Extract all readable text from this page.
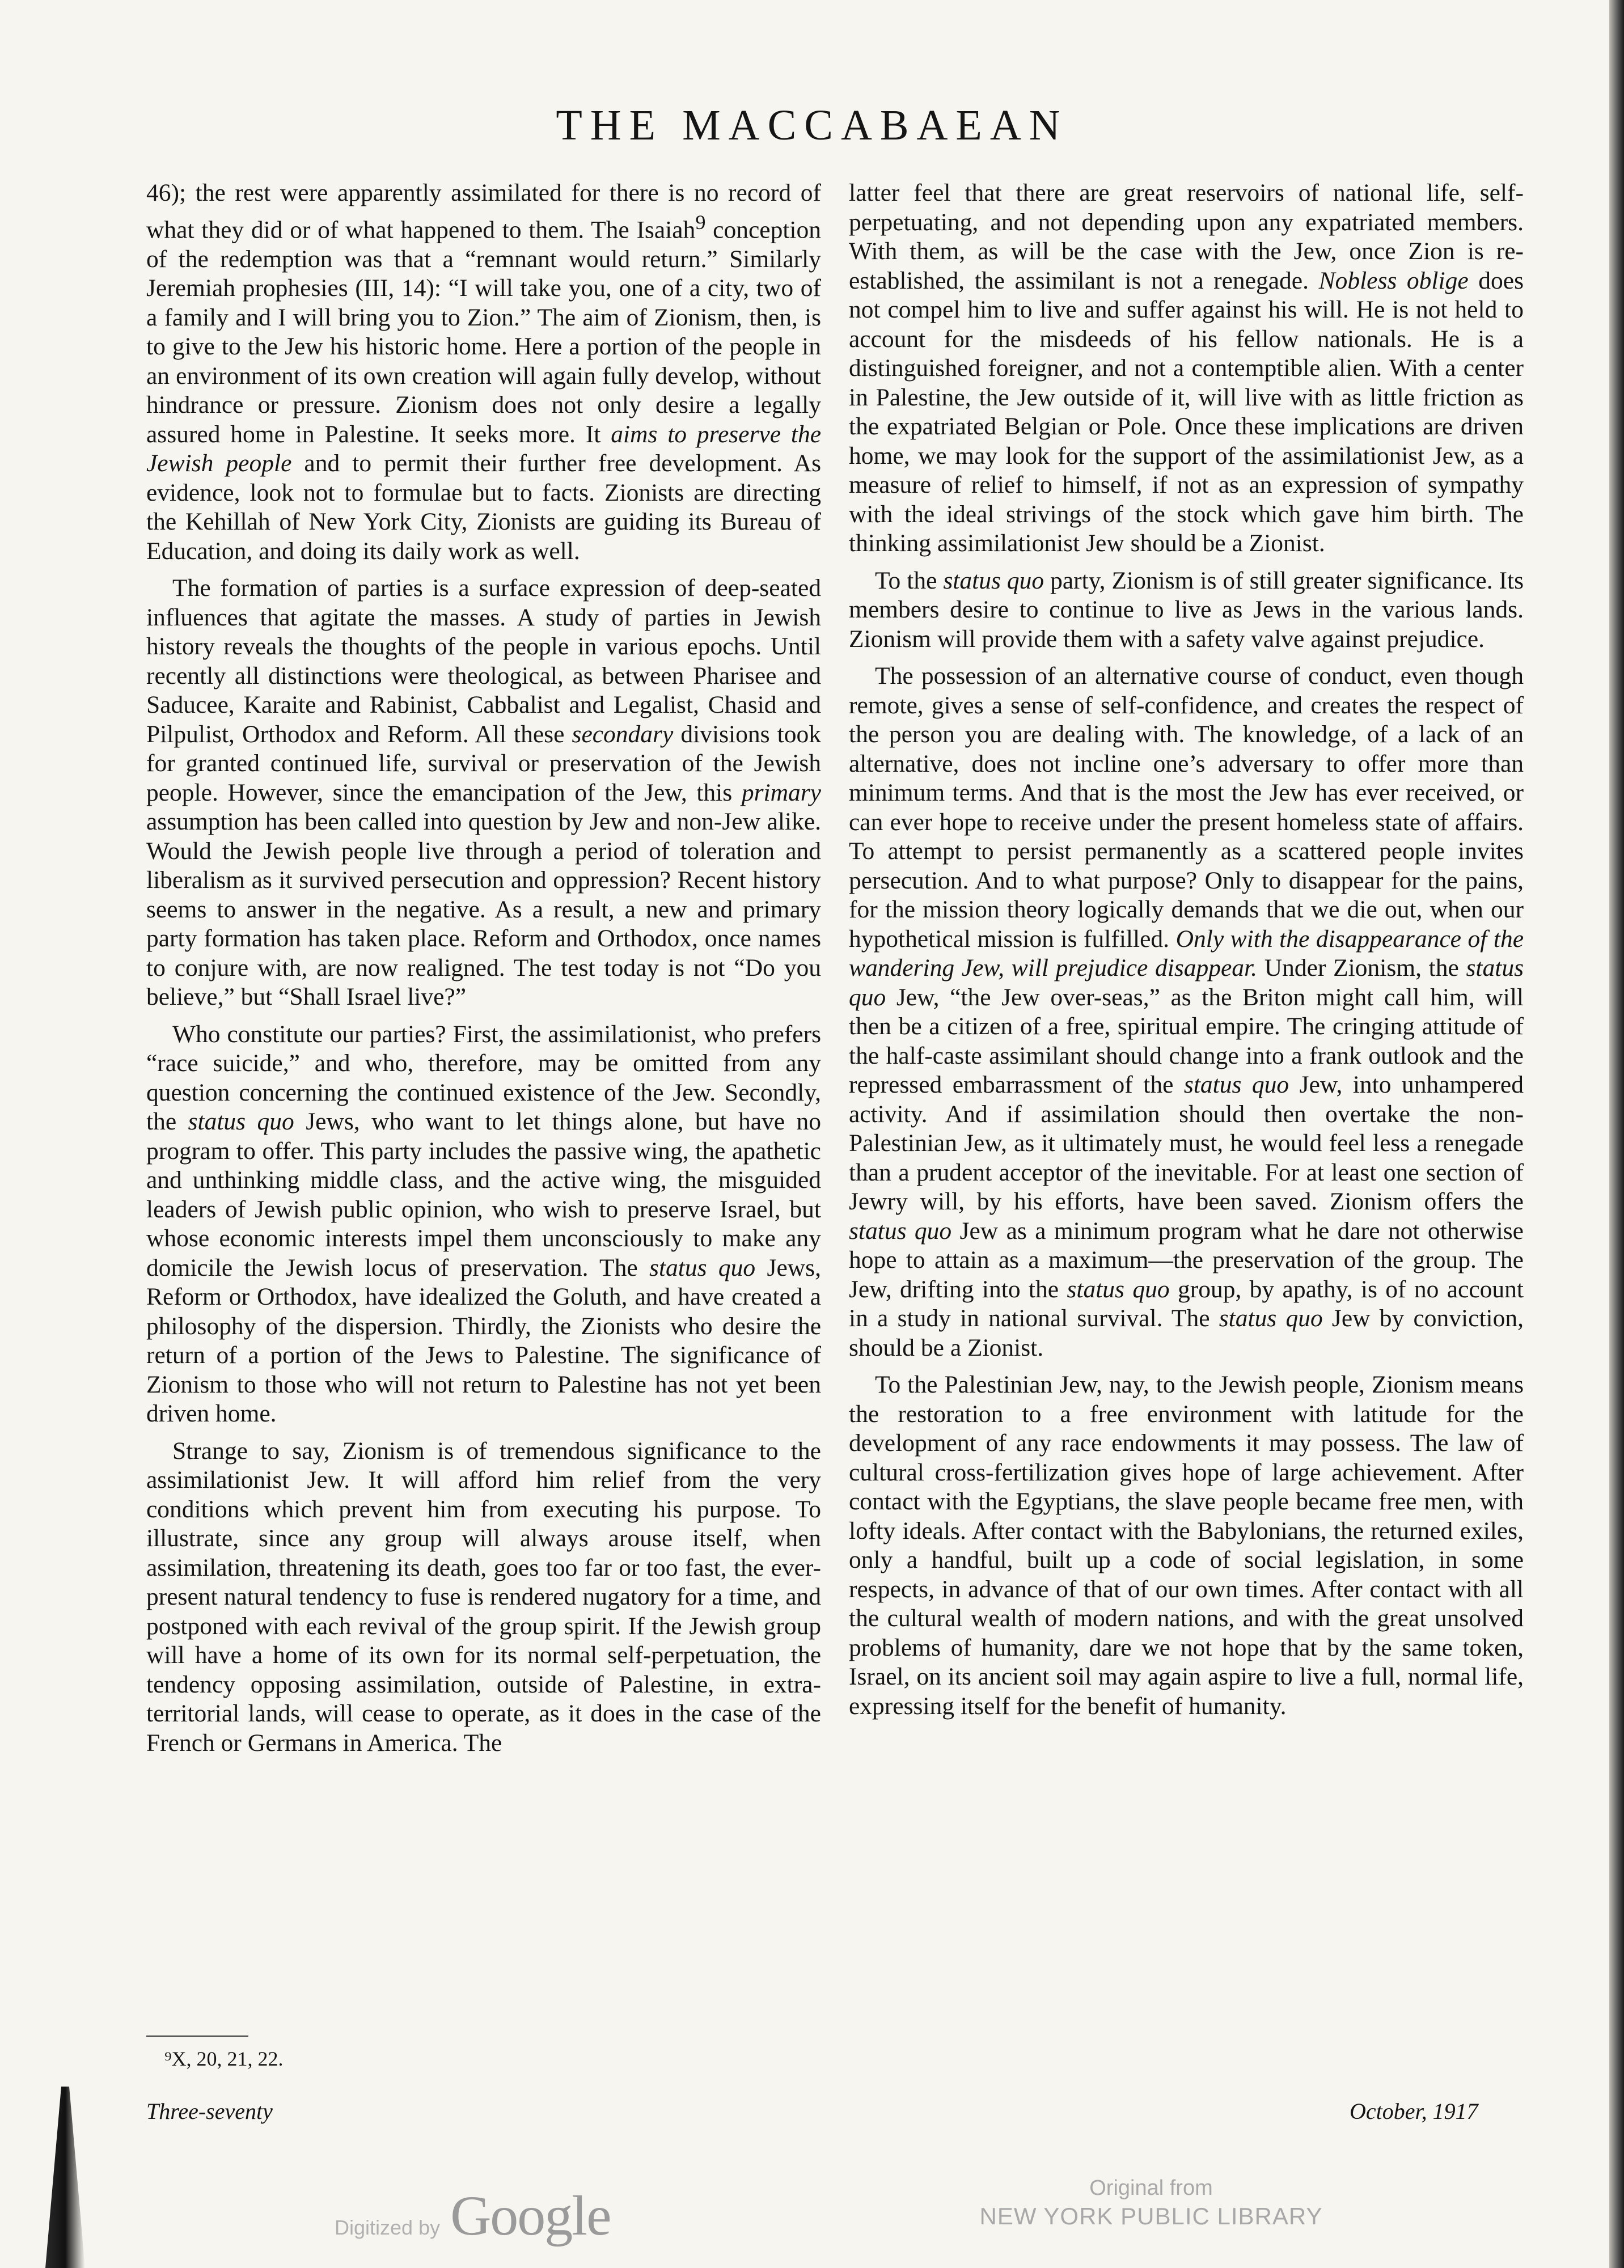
THE MACCABAEAN

46); the rest were apparently assimilated for there is no record of what they did or of what happened to them. The Isaiah$^9$ conception of the redemption was that a “remnant would return.” Similarly Jeremiah prophesies (III, 14): “I will take you, one of a city, two of a family and I will bring you to Zion.” The aim of Zionism, then, is to give to the Jew his historic home. Here a portion of the people in an environment of its own creation will again fully develop, without hindrance or pressure. Zionism does not only desire a legally assured home in Palestine. It seeks more. It aims to preserve the Jewish people and to permit their further free development. As evidence, look not to formulae but to facts. Zionists are directing the Kehillah of New York City, Zionists are guiding its Bureau of Education, and doing its daily work as well.

The formation of parties is a surface expression of deep-seated influences that agitate the masses. A study of parties in Jewish history reveals the thoughts of the people in various epochs. Until recently all distinctions were theological, as between Pharisee and Saducee, Karaite and Rabinist, Cabbalist and Legalist, Chasid and Pilpulist, Orthodox and Reform. All these secondary divisions took for granted continued life, survival or preservation of the Jewish people. However, since the emancipation of the Jew, this primary assumption has been called into question by Jew and non-Jew alike. Would the Jewish people live through a period of toleration and liberalism as it survived persecution and oppression? Recent history seems to answer in the negative. As a result, a new and primary party formation has taken place. Reform and Orthodox, once names to conjure with, are now realigned. The test today is not “Do you believe,” but “Shall Israel live?”

Who constitute our parties? First, the assimilationist, who prefers “race suicide,” and who, therefore, may be omitted from any question concerning the continued existence of the Jew. Secondly, the status quo Jews, who want to let things alone, but have no program to offer. This party includes the passive wing, the apathetic and unthinking middle class, and the active wing, the misguided leaders of Jewish public opinion, who wish to preserve Israel, but whose economic interests impel them unconsciously to make any domicile the Jewish locus of preservation. The status quo Jews, Reform or Orthodox, have idealized the Goluth, and have created a philosophy of the dispersion. Thirdly, the Zionists who desire the return of a portion of the Jews to Palestine. The significance of Zionism to those who will not return to Palestine has not yet been driven home.

Strange to say, Zionism is of tremendous significance to the assimilationist Jew. It will afford him relief from the very conditions which prevent him from executing his purpose. To illustrate, since any group will always arouse itself, when assimilation, threatening its death, goes too far or too fast, the ever-present natural tendency to fuse is rendered nugatory for a time, and postponed with each revival of the group spirit. If the Jewish group will have a home of its own for its normal self-perpetuation, the tendency opposing assimilation, outside of Palestine, in extra-territorial lands, will cease to operate, as it does in the case of the French or Germans in America. The

latter feel that there are great reservoirs of national life, self-perpetuating, and not depending upon any expatriated members. With them, as will be the case with the Jew, once Zion is re-established, the assimilant is not a renegade. Nobless oblige does not compel him to live and suffer against his will. He is not held to account for the misdeeds of his fellow nationals. He is a distinguished foreigner, and not a contemptible alien. With a center in Palestine, the Jew outside of it, will live with as little friction as the expatriated Belgian or Pole. Once these implications are driven home, we may look for the support of the assimilationist Jew, as a measure of relief to himself, if not as an expression of sympathy with the ideal strivings of the stock which gave him birth. The thinking assimilationist Jew should be a Zionist.

To the status quo party, Zionism is of still greater significance. Its members desire to continue to live as Jews in the various lands. Zionism will provide them with a safety valve against prejudice.

The possession of an alternative course of conduct, even though remote, gives a sense of self-confidence, and creates the respect of the person you are dealing with. The knowledge, of a lack of an alternative, does not incline one’s adversary to offer more than minimum terms. And that is the most the Jew has ever received, or can ever hope to receive under the present homeless state of affairs. To attempt to persist permanently as a scattered people invites persecution. And to what purpose? Only to disappear for the pains, for the mission theory logically demands that we die out, when our hypothetical mission is fulfilled. Only with the disappearance of the wandering Jew, will prejudice disappear. Under Zionism, the status quo Jew, “the Jew over-seas,” as the Briton might call him, will then be a citizen of a free, spiritual empire. The cringing attitude of the half-caste assimilant should change into a frank outlook and the repressed embarrassment of the status quo Jew, into unhampered activity. And if assimilation should then overtake the non-Palestinian Jew, as it ultimately must, he would feel less a renegade than a prudent acceptor of the inevitable. For at least one section of Jewry will, by his efforts, have been saved. Zionism offers the status quo Jew as a minimum program what he dare not otherwise hope to attain as a maximum—the preservation of the group. The Jew, drifting into the status quo group, by apathy, is of no account in a study in national survival. The status quo Jew by conviction, should be a Zionist.

To the Palestinian Jew, nay, to the Jewish people, Zionism means the restoration to a free environment with latitude for the development of any race endowments it may possess. The law of cultural cross-fertilization gives hope of large achievement. After contact with the Egyptians, the slave people became free men, with lofty ideals. After contact with the Babylonians, the returned exiles, only a handful, built up a code of social legislation, in some respects, in advance of that of our own times. After contact with all the cultural wealth of modern nations, and with the great unsolved problems of humanity, dare we not hope that by the same token, Israel, on its ancient soil may again aspire to live a full, normal life, expressing itself for the benefit of humanity.

⁹X, 20, 21, 22.
Three-seventy	October, 1917
Digitized by Google	Original from
NEW YORK PUBLIC LIBRARY
